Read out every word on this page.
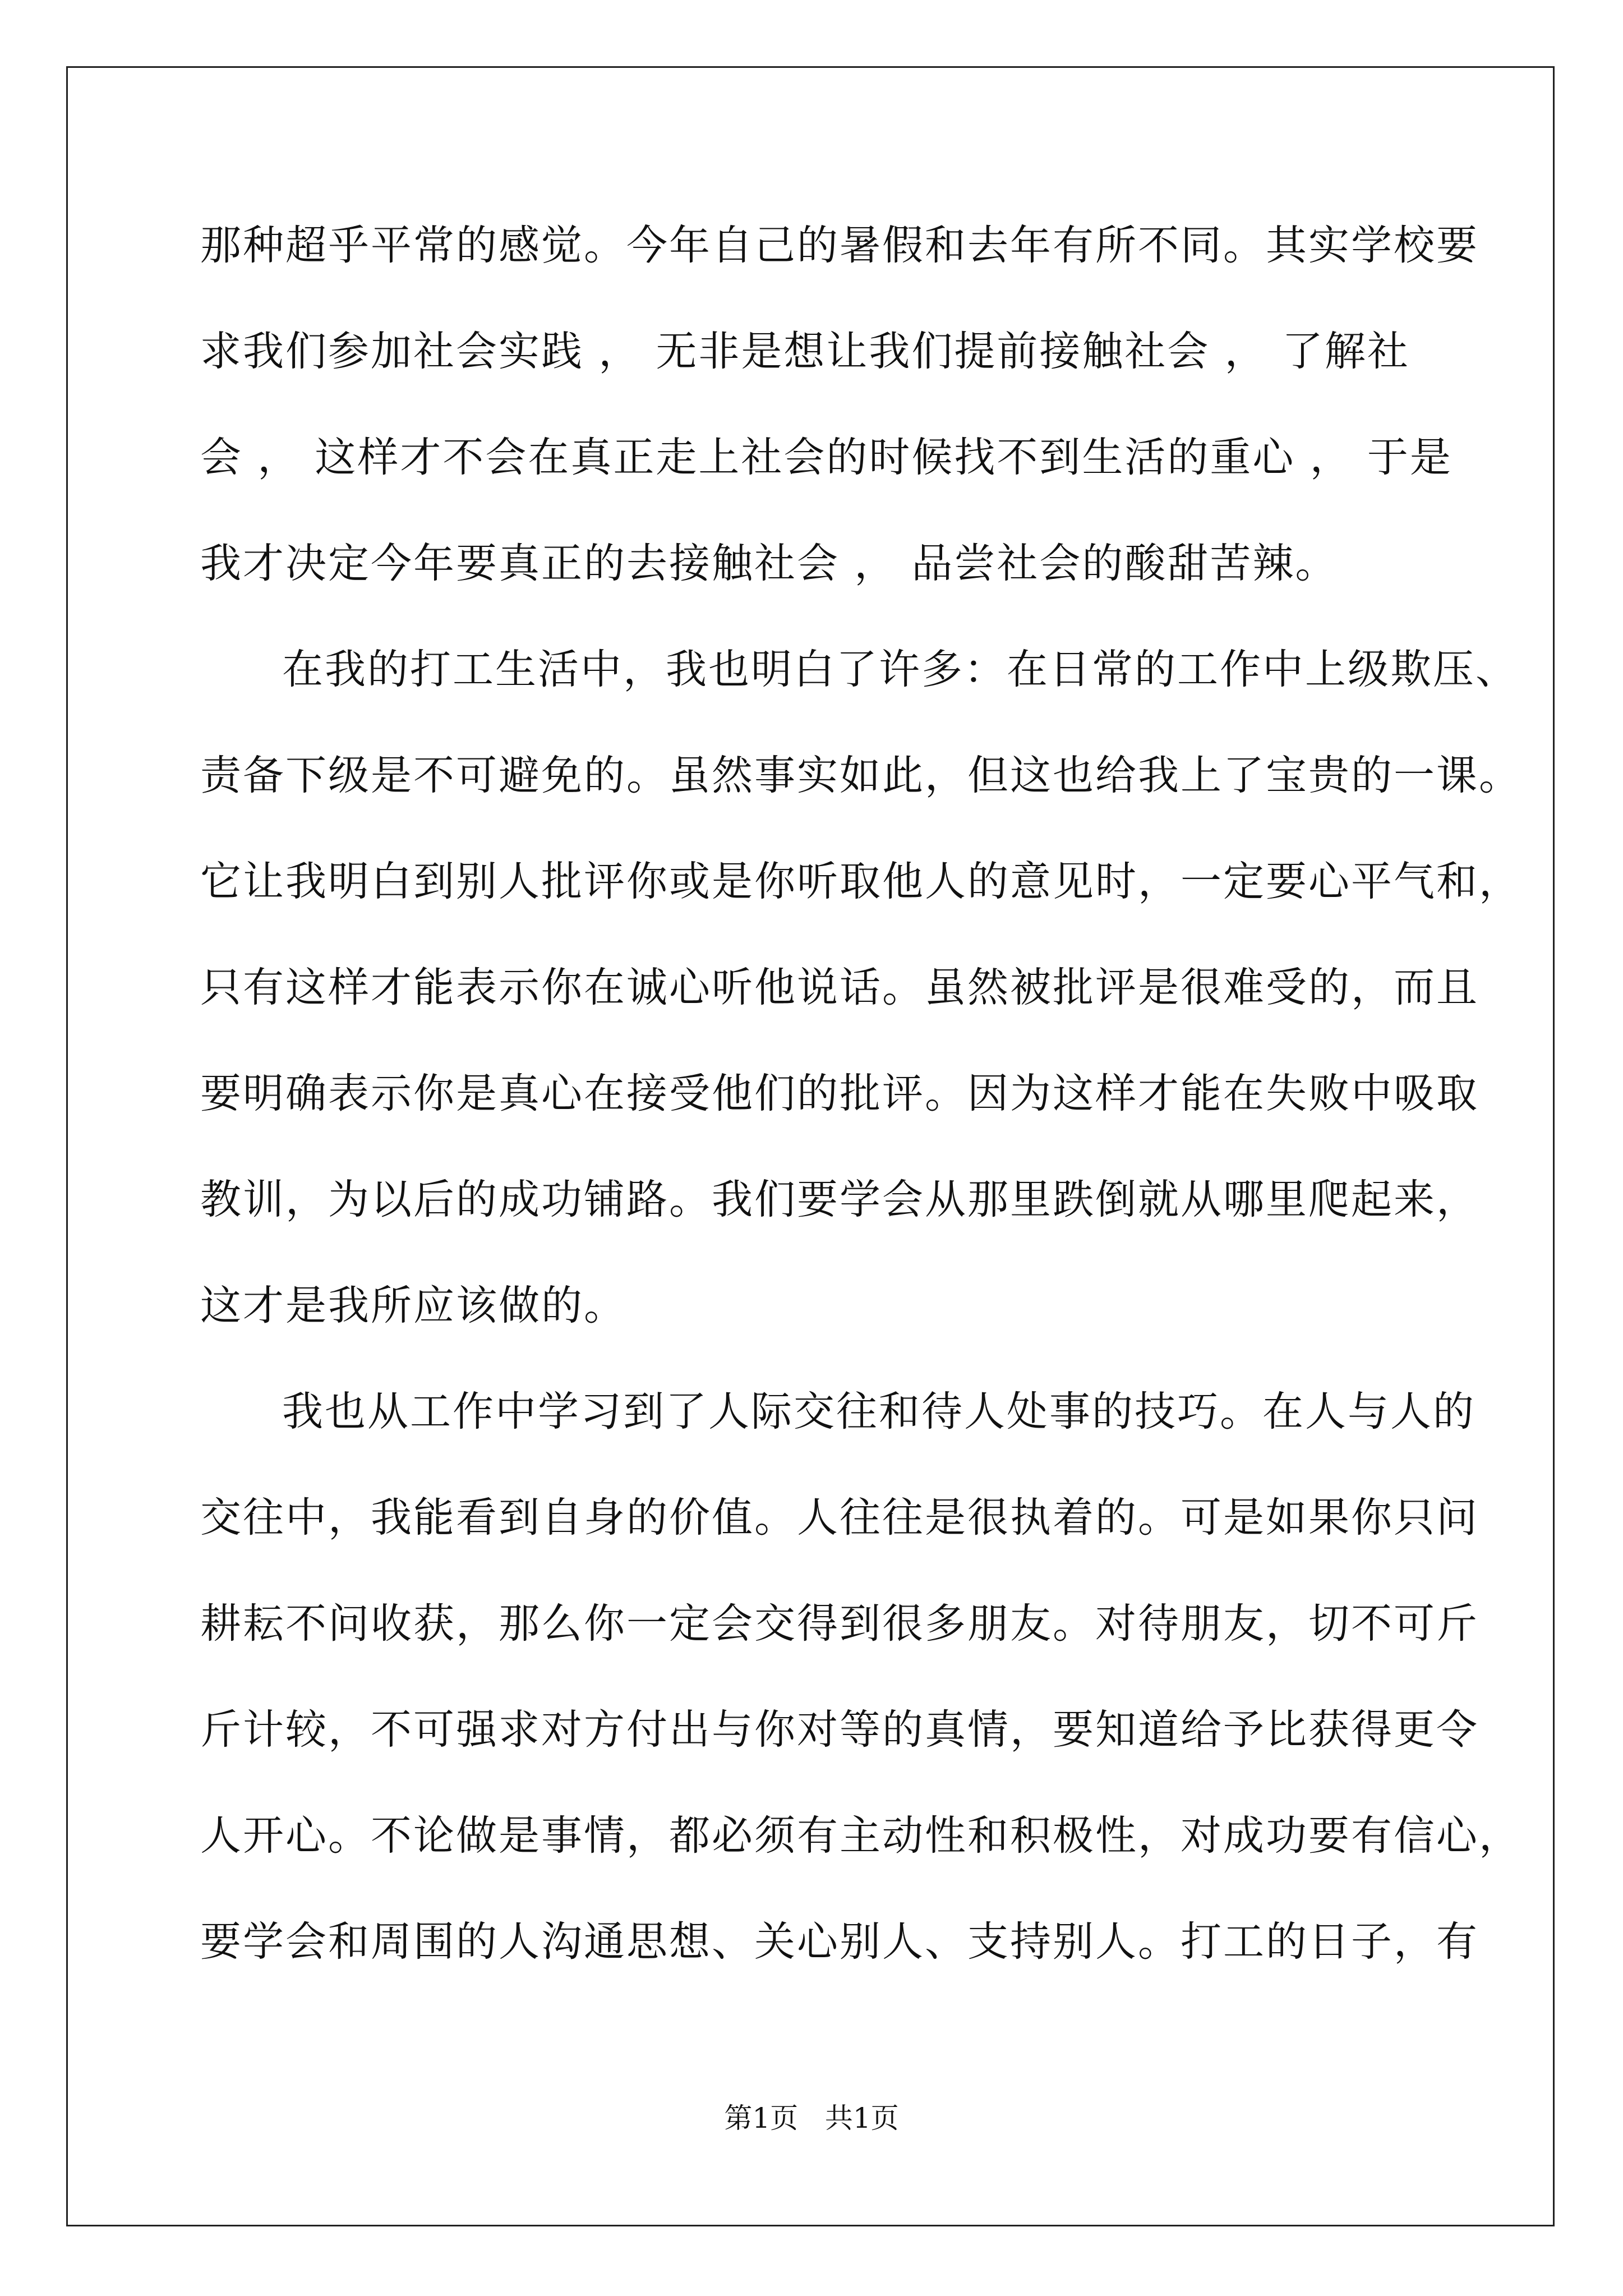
那种超乎平常的感觉。今年自己的暑假和去年有所不同。其实学校要
求我们参加社会实践 ， 无非是想让我们提前接触社会 ， 了解社
会 ， 这样才不会在真正走上社会的时候找不到生活的重心 ， 于是
我才决定今年要真正的去接触社会 ， 品尝社会的酸甜苦辣。
在我的打工生活中，我也明白了许多：在日常的工作中上级欺压、
责备下级是不可避免的。虽然事实如此，但这也给我上了宝贵的一课。
它让我明白到别人批评你或是你听取他人的意见时，一定要心平气和，
只有这样才能表示你在诚心听他说话。虽然被批评是很难受的，而且
要明确表示你是真心在接受他们的批评。因为这样才能在失败中吸取
教训，为以后的成功铺路。我们要学会从那里跌倒就从哪里爬起来，
这才是我所应该做的。
我也从工作中学习到了人际交往和待人处事的技巧。在人与人的
交往中，我能看到自身的价值。人往往是很执着的。可是如果你只问
耕耘不问收获，那么你一定会交得到很多朋友。对待朋友，切不可斤
斤计较，不可强求对方付出与你对等的真情，要知道给予比获得更令
人开心。不论做是事情，都必须有主动性和积极性，对成功要有信心，
要学会和周围的人沟通思想、关心别人、支持别人。打工的日子，有
第1页   共1页
